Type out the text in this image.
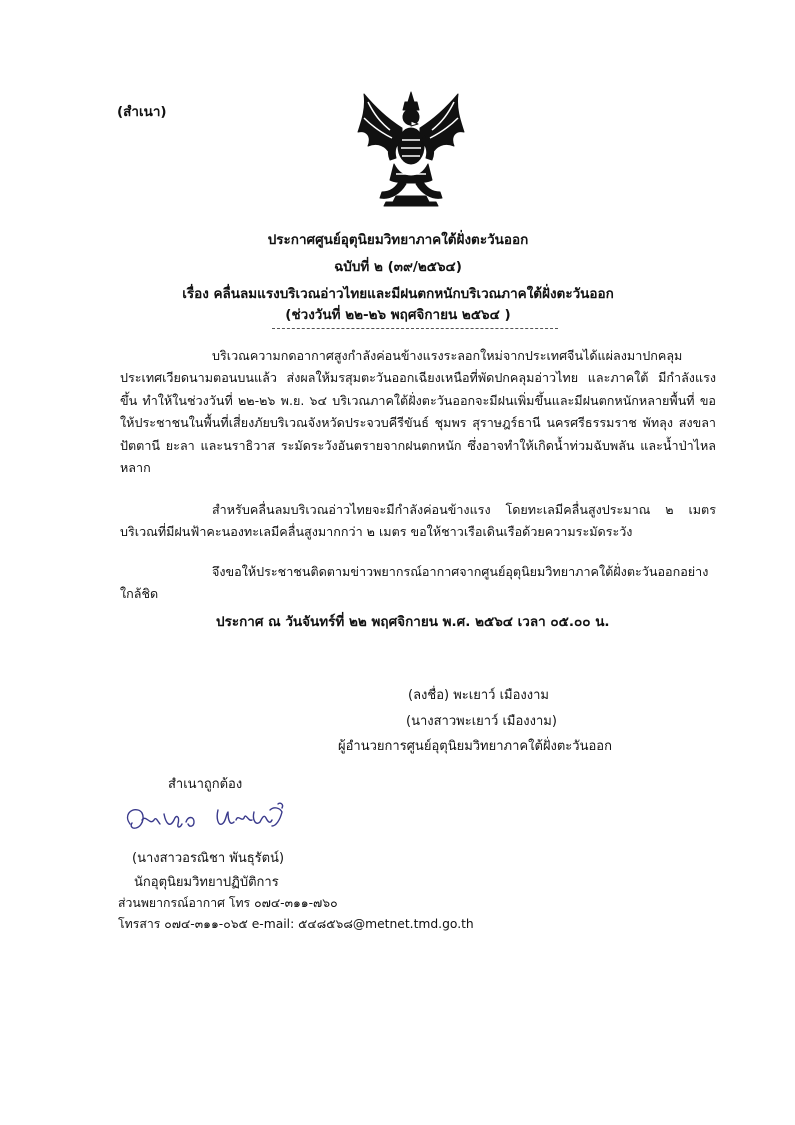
(สำเนา)
ประกาศศูนย์อุตุนิยมวิทยาภาคใต้ฝั่งตะวันออก
ฉบับที่ ๒ (๓๙/๒๕๖๔)
เรื่อง คลื่นลมแรงบริเวณอ่าวไทยและมีฝนตกหนักบริเวณภาคใต้ฝั่งตะวันออก
(ช่วงวันที่ ๒๒-๒๖ พฤศจิกายน ๒๕๖๔ )
บริเวณความกดอากาศสูงกำลังค่อนข้างแรงระลอกใหม่จากประเทศจีนได้แผ่ลงมาปกคลุมประเทศเวียดนามตอนบนแล้ว ส่งผลให้มรสุมตะวันออกเฉียงเหนือที่พัดปกคลุมอ่าวไทย และภาคใต้ มีกำลังแรงขึ้น ทำให้ในช่วงวันที่ ๒๒-๒๖ พ.ย. ๖๔ บริเวณภาคใต้ฝั่งตะวันออกจะมีฝนเพิ่มขึ้นและมีฝนตกหนักหลายพื้นที่ ขอให้ประชาชนในพื้นที่เสี่ยงภัยบริเวณจังหวัดประจวบคีรีขันธ์ ชุมพร สุราษฎร์ธานี นครศรีธรรมราช พัทลุง สงขลา ปัตตานี ยะลา และนราธิวาส ระมัดระวังอันตรายจากฝนตกหนัก ซึ่งอาจทำให้เกิดน้ำท่วมฉับพลัน และน้ำป่าไหลหลาก
สำหรับคลื่นลมบริเวณอ่าวไทยจะมีกำลังค่อนข้างแรง โดยทะเลมีคลื่นสูงประมาณ ๒ เมตร บริเวณที่มีฝนฟ้าคะนองทะเลมีคลื่นสูงมากกว่า ๒ เมตร ขอให้ชาวเรือเดินเรือด้วยความระมัดระวัง
จึงขอให้ประชาชนติดตามข่าวพยากรณ์อากาศจากศูนย์อุตุนิยมวิทยาภาคใต้ฝั่งตะวันออกอย่างใกล้ชิด
ประกาศ ณ วันจันทร์ที่ ๒๒ พฤศจิกายน พ.ศ. ๒๕๖๔ เวลา ๐๕.๐๐ น.
(ลงชื่อ) พะเยาว์ เมืองงาม
(นางสาวพะเยาว์ เมืองงาม)
ผู้อำนวยการศูนย์อุตุนิยมวิทยาภาคใต้ฝั่งตะวันออก
สำเนาถูกต้อง
(นางสาวอรณิชา พันธุรัตน์)
นักอุตุนิยมวิทยาปฏิบัติการ
ส่วนพยากรณ์อากาศ โทร ๐๗๔-๓๑๑-๗๖๐
โทรสาร ๐๗๔-๓๑๑-๐๖๕ e-mail: ๕๔๘๕๖๘@metnet.tmd.go.th
